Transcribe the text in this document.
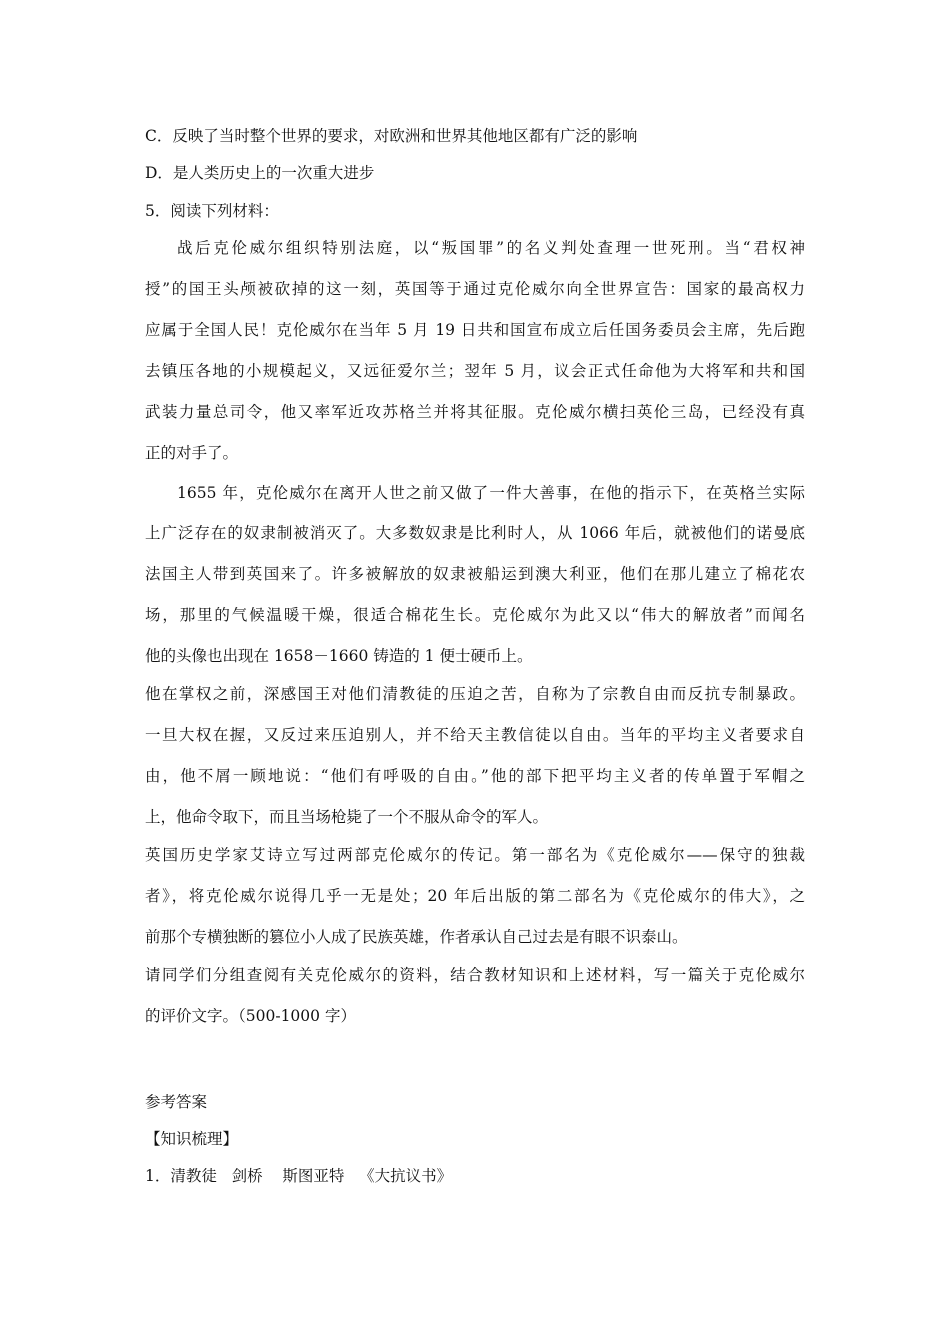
C．反映了当时整个世界的要求，对欧洲和世界其他地区都有广泛的影响
D．是人类历史上的一次重大进步
5．阅读下列材料：
战后克伦威尔组织特别法庭，以“叛国罪”的名义判处查理一世死刑。当“君权神
授”的国王头颅被砍掉的这一刻，英国等于通过克伦威尔向全世界宣告：国家的最高权力
应属于全国人民！克伦威尔在当年 5 月 19 日共和国宣布成立后任国务委员会主席，先后跑
去镇压各地的小规模起义，又远征爱尔兰；翌年 5 月，议会正式任命他为大将军和共和国
武装力量总司令，他又率军近攻苏格兰并将其征服。克伦威尔横扫英伦三岛，已经没有真
正的对手了。
1655 年，克伦威尔在离开人世之前又做了一件大善事，在他的指示下，在英格兰实际
上广泛存在的奴隶制被消灭了。大多数奴隶是比利时人，从 1066 年后，就被他们的诺曼底
法国主人带到英国来了。许多被解放的奴隶被船运到澳大利亚，他们在那儿建立了棉花农
场，那里的气候温暖干燥，很适合棉花生长。克伦威尔为此又以“伟大的解放者”而闻名
他的头像也出现在 1658－1660 铸造的 1 便士硬币上。
他在掌权之前，深感国王对他们清教徒的压迫之苦，自称为了宗教自由而反抗专制暴政。
一旦大权在握，又反过来压迫别人，并不给天主教信徒以自由。当年的平均主义者要求自
由，他不屑一顾地说：“他们有呼吸的自由。”他的部下把平均主义者的传单置于军帽之
上，他命令取下，而且当场枪毙了一个不服从命令的军人。
英国历史学家艾诗立写过两部克伦威尔的传记。第一部名为《克伦威尔——保守的独裁
者》，将克伦威尔说得几乎一无是处；20 年后出版的第二部名为《克伦威尔的伟大》，之
前那个专横独断的篡位小人成了民族英雄，作者承认自己过去是有眼不识泰山。
请同学们分组查阅有关克伦威尔的资料，结合教材知识和上述材料，写一篇关于克伦威尔
的评价文字。（500-1000 字）
参考答案
【知识梳理】
1．清教徒   剑桥    斯图亚特   《大抗议书》
